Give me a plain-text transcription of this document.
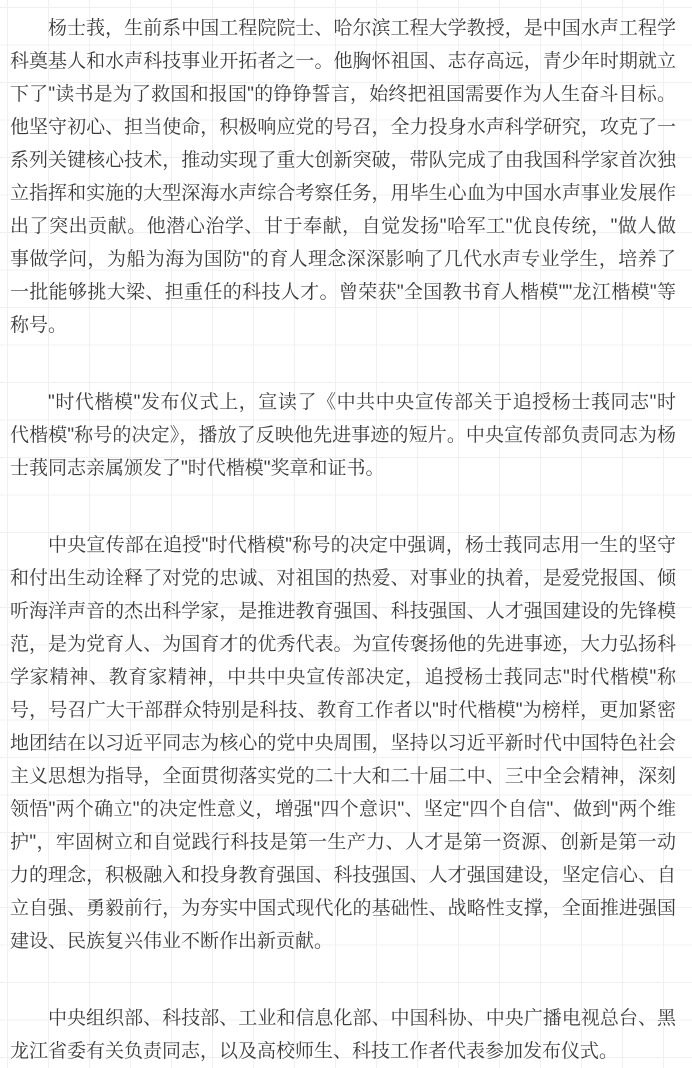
杨士莪，生前系中国工程院院士、哈尔滨工程大学教授，是中国水声工程学科奠基人和水声科技事业开拓者之一。他胸怀祖国、志存高远，青少年时期就立下了"读书是为了救国和报国"的铮铮誓言，始终把祖国需要作为人生奋斗目标。他坚守初心、担当使命，积极响应党的号召，全力投身水声科学研究，攻克了一系列关键核心技术，推动实现了重大创新突破，带队完成了由我国科学家首次独立指挥和实施的大型深海水声综合考察任务，用毕生心血为中国水声事业发展作出了突出贡献。他潜心治学、甘于奉献，自觉发扬"哈军工"优良传统，"做人做事做学问，为船为海为国防"的育人理念深深影响了几代水声专业学生，培养了一批能够挑大梁、担重任的科技人才。曾荣获"全国教书育人楷模""龙江楷模"等称号。

"时代楷模"发布仪式上，宣读了《中共中央宣传部关于追授杨士莪同志"时代楷模"称号的决定》，播放了反映他先进事迹的短片。中央宣传部负责同志为杨士莪同志亲属颁发了"时代楷模"奖章和证书。

中央宣传部在追授"时代楷模"称号的决定中强调，杨士莪同志用一生的坚守和付出生动诠释了对党的忠诚、对祖国的热爱、对事业的执着，是爱党报国、倾听海洋声音的杰出科学家，是推进教育强国、科技强国、人才强国建设的先锋模范，是为党育人、为国育才的优秀代表。为宣传褒扬他的先进事迹，大力弘扬科学家精神、教育家精神，中共中央宣传部决定，追授杨士莪同志"时代楷模"称号，号召广大干部群众特别是科技、教育工作者以"时代楷模"为榜样，更加紧密地团结在以习近平同志为核心的党中央周围，坚持以习近平新时代中国特色社会主义思想为指导，全面贯彻落实党的二十大和二十届二中、三中全会精神，深刻领悟"两个确立"的决定性意义，增强"四个意识"、坚定"四个自信"、做到"两个维护"，牢固树立和自觉践行科技是第一生产力、人才是第一资源、创新是第一动力的理念，积极融入和投身教育强国、科技强国、人才强国建设，坚定信心、自立自强、勇毅前行，为夯实中国式现代化的基础性、战略性支撑，全面推进强国建设、民族复兴伟业不断作出新贡献。

中央组织部、科技部、工业和信息化部、中国科协、中央广播电视总台、黑龙江省委有关负责同志，以及高校师生、科技工作者代表参加发布仪式。
